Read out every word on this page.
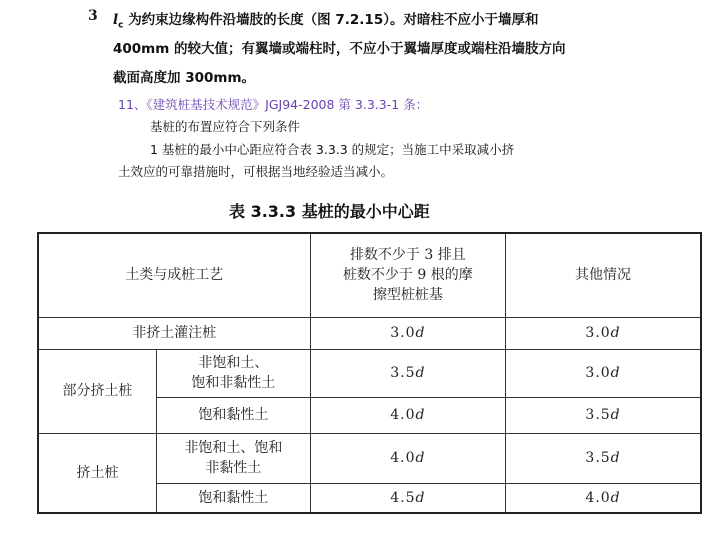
3 $l_c$ 为约束边缘构件沿墙肢的长度（图 7.2.15）。对暗柱不应小于墙厚和
400mm 的较大值；有翼墙或端柱时，不应小于翼墙厚度或端柱沿墙肢方向
截面高度加 300mm。
11、《建筑桩基技术规范》JGJ94-2008 第 3.3.3-1 条：
基桩的布置应符合下列条件
1 基桩的最小中心距应符合表 3.3.3 的规定；当施工中采取减小挤
土效应的可靠措施时，可根据当地经验适当减小。
表 3.3.3 基桩的最小中心距
土类与成桩工艺		排数不少于 3 排且
桩数不少于 9 根的摩
擦型桩桩基	其他情况
非挤土灌注桩		3.0d	3.0d
部分挤土桩	非饱和土、
饱和非黏性土	3.5d	3.0d
	饱和黏性土	4.0d	3.5d
挤土桩	非饱和土、饱和
非黏性土	4.0d	3.5d
	饱和黏性土	4.5d	4.0d
